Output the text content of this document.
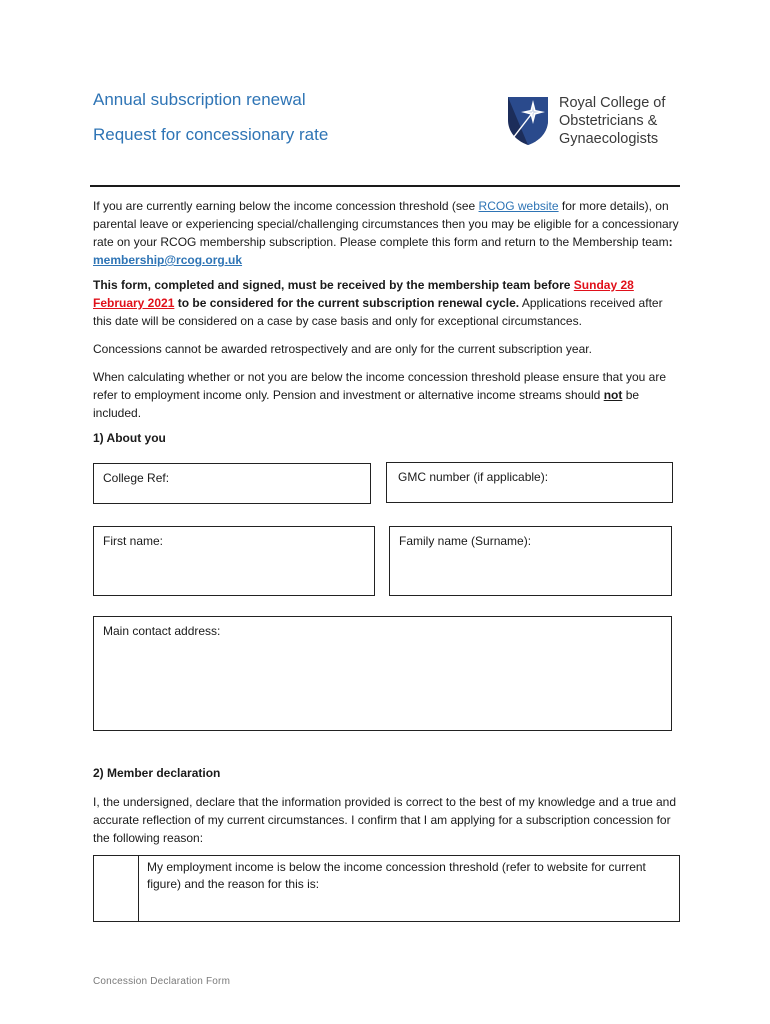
Annual subscription renewal
Request for concessionary rate
Royal College of
Obstetricians &
Gynaecologists

If you are currently earning below the income concession threshold (see RCOG website for more details), on parental leave or experiencing special/challenging circumstances then you may be eligible for a concessionary rate on your RCOG membership subscription. Please complete this form and return to the Membership team: membership@rcog.org.uk

This form, completed and signed, must be received by the membership team before Sunday 28 February 2021 to be considered for the current subscription renewal cycle. Applications received after this date will be considered on a case by case basis and only for exceptional circumstances.

Concessions cannot be awarded retrospectively and are only for the current subscription year.

When calculating whether or not you are below the income concession threshold please ensure that you are refer to employment income only. Pension and investment or alternative income streams should not be included.

1) About you
College Ref:	GMC number (if applicable):
First name:	Family name (Surname):
Main contact address:
2) Member declaration

I, the undersigned, declare that the information provided is correct to the best of my knowledge and a true and accurate reflection of my current circumstances. I confirm that I am applying for a subscription concession for the following reason:

My employment income is below the income concession threshold (refer to website for current figure) and the reason for this is:
Concession Declaration Form
